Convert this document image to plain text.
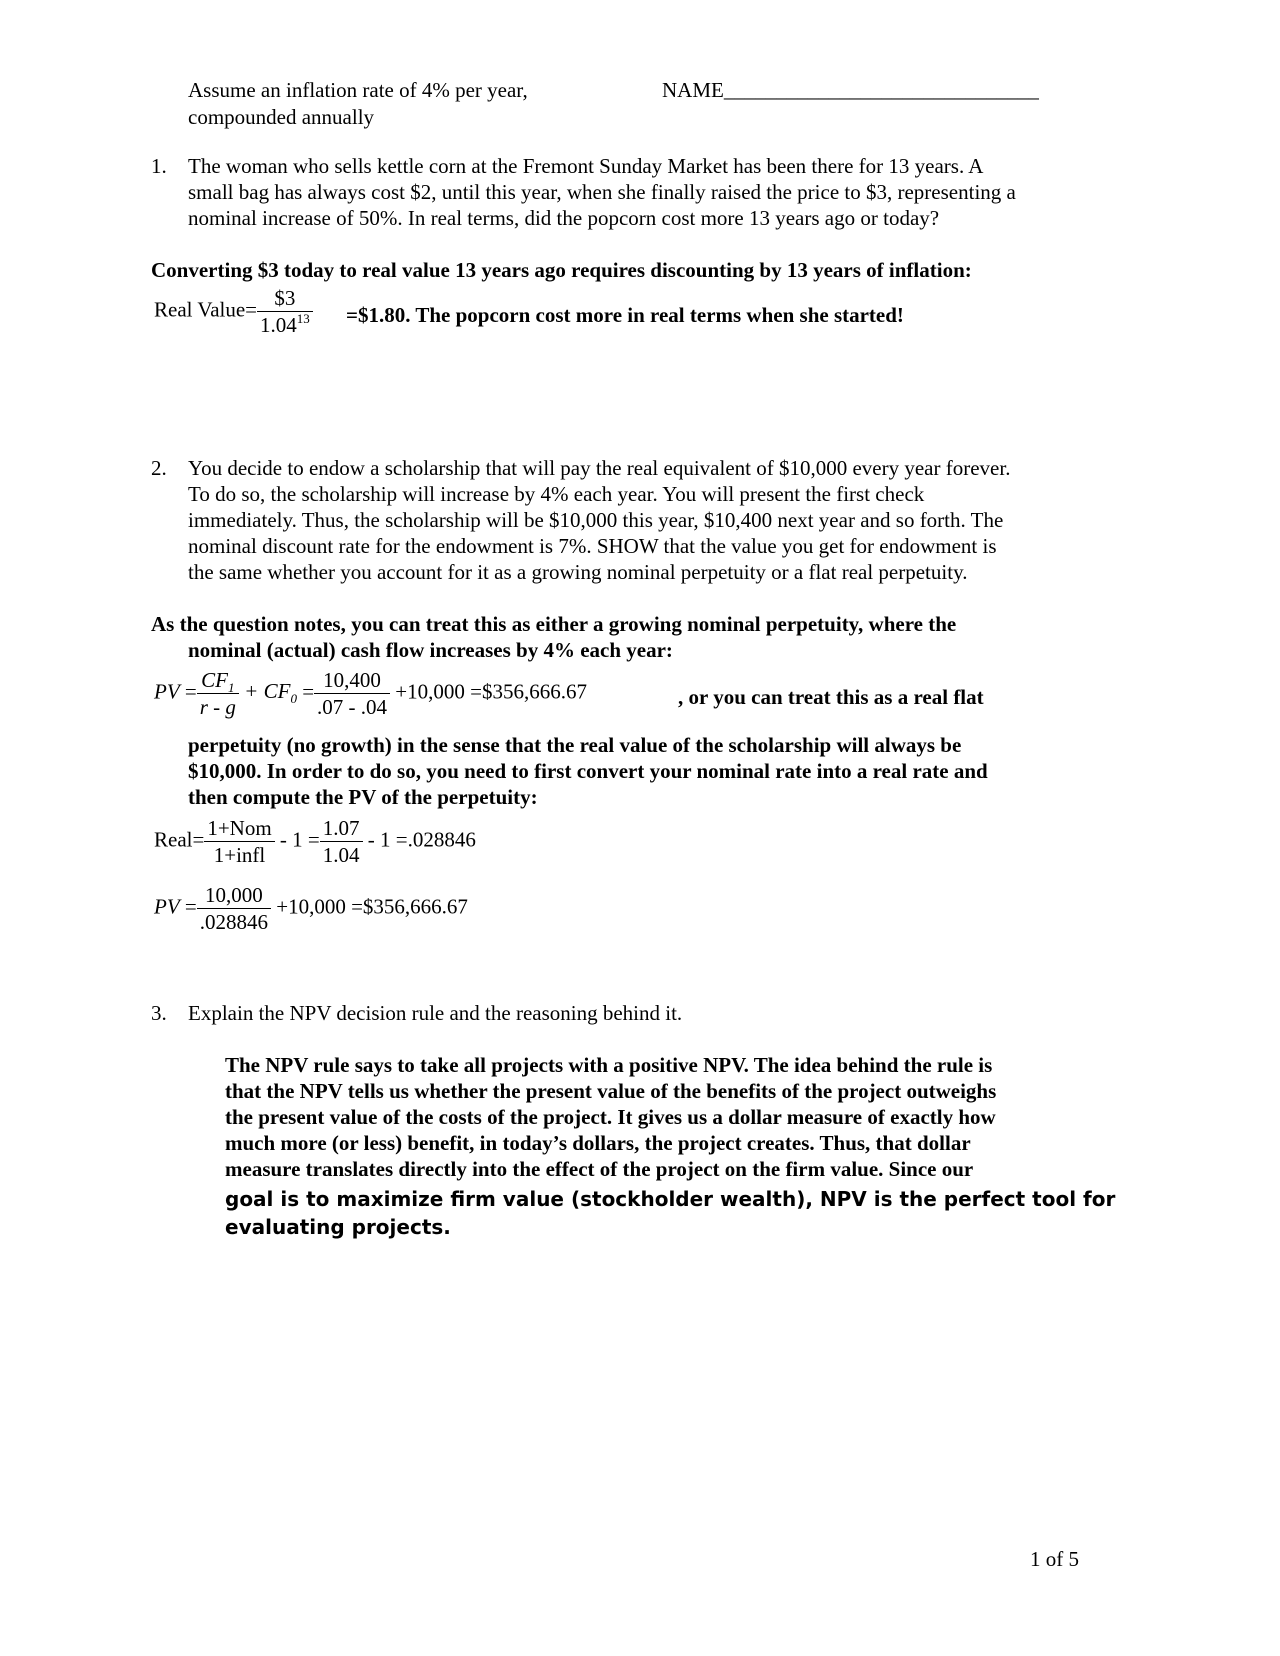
Assume an inflation rate of 4% per year,
compounded annually
NAME______________________________
1. The woman who sells kettle corn at the Fremont Sunday Market has been there for 13 years. A
small bag has always cost $2, until this year, when she finally raised the price to $3, representing a
nominal increase of 50%. In real terms, did the popcorn cost more 13 years ago or today?
Converting $3 today to real value 13 years ago requires discounting by 13 years of inflation:
Real Value= $\frac{\$3}{1.04^{13}}$ =$1.80. The popcorn cost more in real terms when she started!
2. You decide to endow a scholarship that will pay the real equivalent of $10,000 every year forever.
To do so, the scholarship will increase by 4% each year. You will present the first check
immediately. Thus, the scholarship will be $10,000 this year, $10,400 next year and so forth. The
nominal discount rate for the endowment is 7%. SHOW that the value you get for endowment is
the same whether you account for it as a growing nominal perpetuity or a flat real perpetuity.
As the question notes, you can treat this as either a growing nominal perpetuity, where the
nominal (actual) cash flow increases by 4% each year:
PV = $\frac{CF_1}{r - g} + CF_0 = \frac{10,400}{.07 - .04} +10,000$ =$356,666.67	, or you can treat this as a real flat
perpetuity (no growth) in the sense that the real value of the scholarship will always be
$10,000. In order to do so, you need to first convert your nominal rate into a real rate and
then compute the PV of the perpetuity:
Real= $\frac{\text{1+Nom}}{\text{1+infl}} - 1 = \frac{1.07}{1.04} - 1 =.028846$
PV = $\frac{10,000}{.028846} +10,000$ =$356,666.67
3. Explain the NPV decision rule and the reasoning behind it.
The NPV rule says to take all projects with a positive NPV. The idea behind the rule is
that the NPV tells us whether the present value of the benefits of the project outweighs
the present value of the costs of the project. It gives us a dollar measure of exactly how
much more (or less) benefit, in today’s dollars, the project creates. Thus, that dollar
measure translates directly into the effect of the project on the firm value. Since our
goal is to maximize firm value (stockholder wealth), NPV is the perfect tool for
evaluating projects.
1 of 5
